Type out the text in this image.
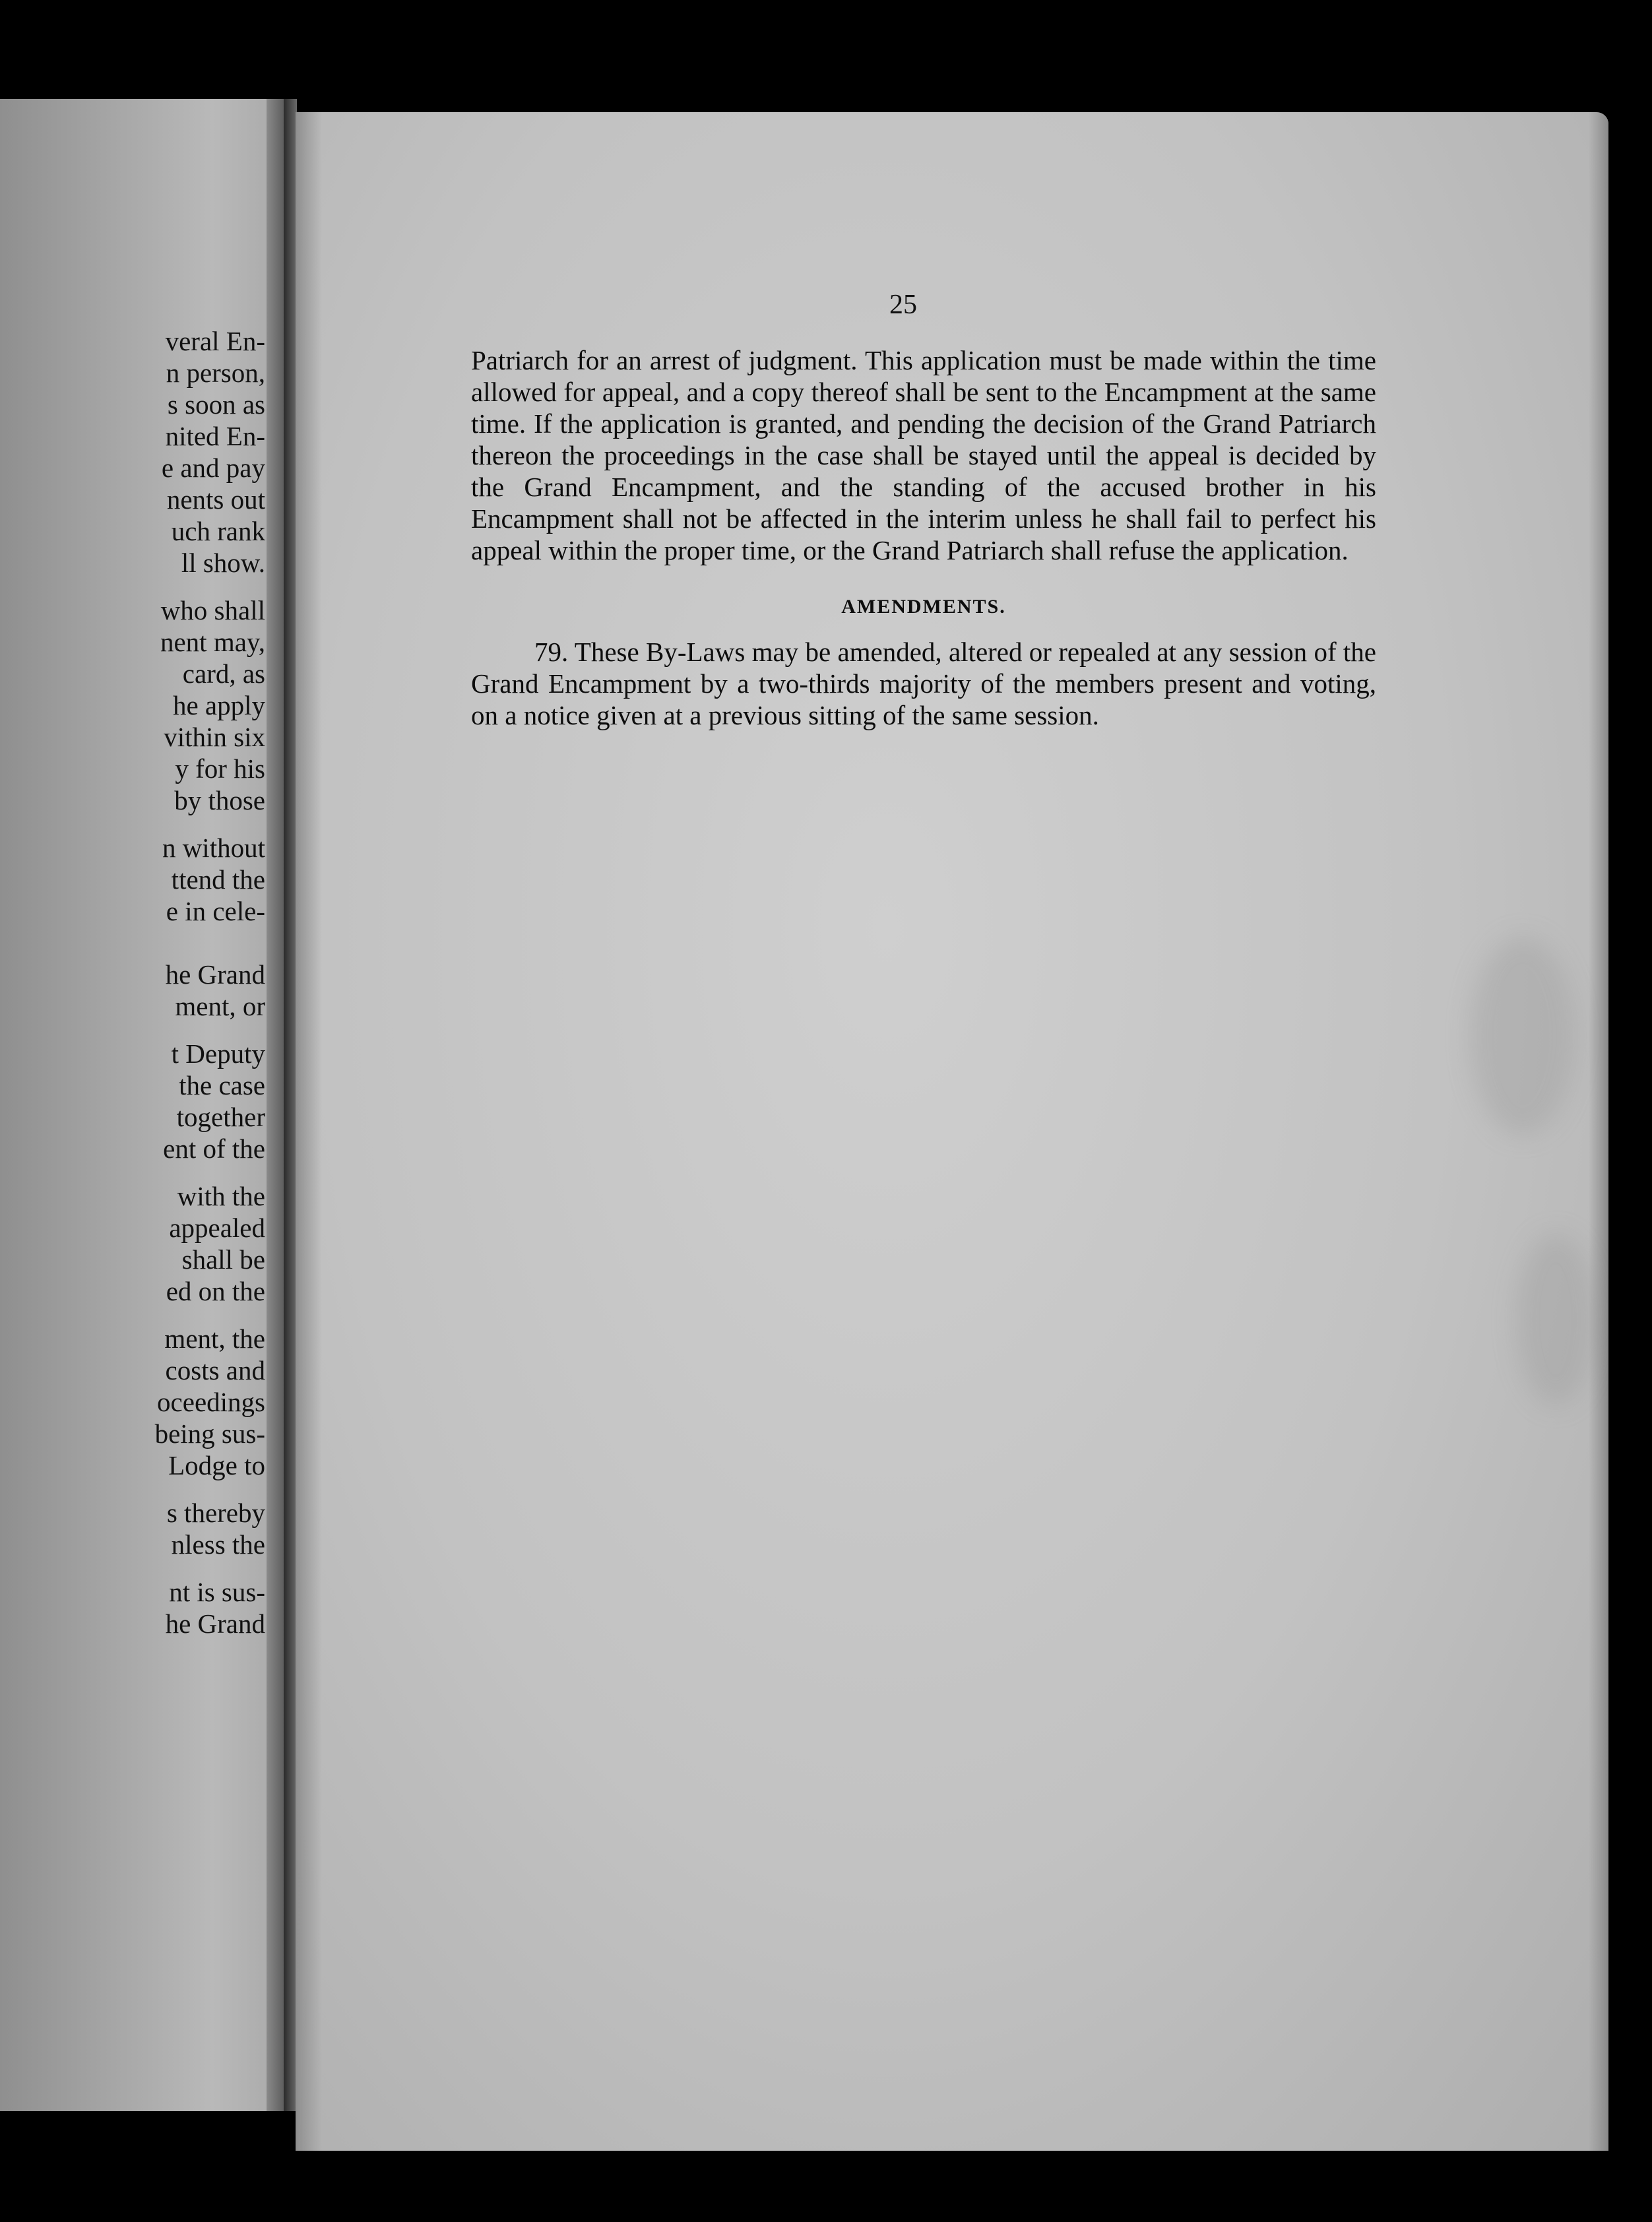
veral En-
n person,
s soon as
nited En-
e and pay
nents out
uch rank
ll show.
who shall
nent may,
card, as
he apply
vithin six
y for his
by those
n without
ttend the
e in cele-
he Grand
ment, or
t Deputy
the case
together
ent of the
with the
appealed
shall be
ed on the
ment, the
costs and
oceedings
being sus-
Lodge to
s thereby
nless the
nt is sus-
he Grand
25

Patriarch for an arrest of judgment. This application must be made within the time allowed for appeal, and a copy thereof shall be sent to the Encampment at the same time. If the application is granted, and pending the decision of the Grand Patriarch thereon the proceedings in the case shall be stayed until the appeal is decided by the Grand Encampment, and the standing of the accused brother in his Encampment shall not be affected in the interim unless he shall fail to perfect his appeal within the proper time, or the Grand Patriarch shall refuse the application.

AMENDMENTS.

79. These By-Laws may be amended, altered or repealed at any session of the Grand Encampment by a two-thirds majority of the members present and voting, on a notice given at a previous sitting of the same session.
